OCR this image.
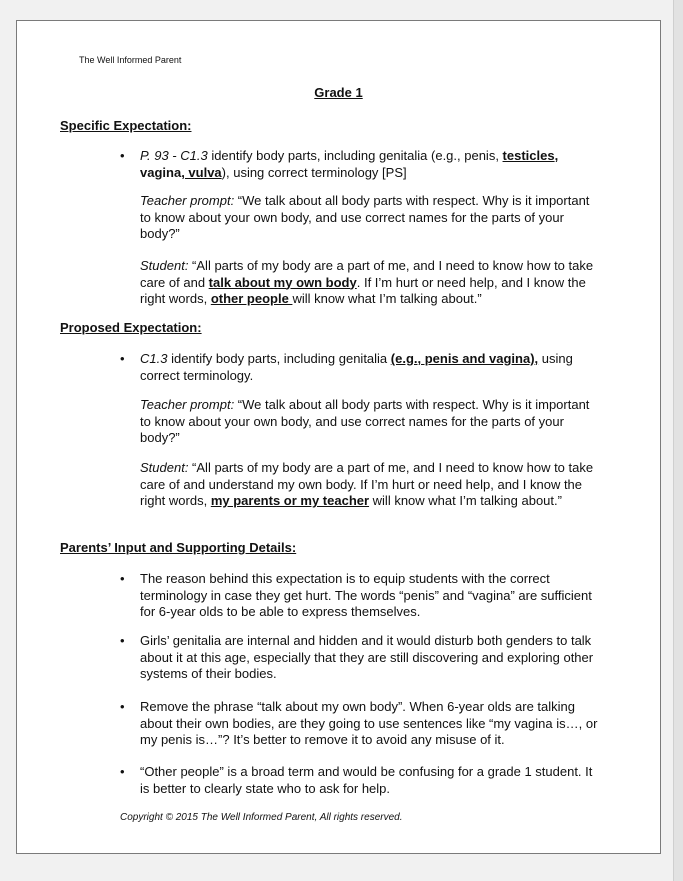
The Well Informed Parent
Grade 1
Specific Expectation:
• P. 93 - C1.3 identify body parts, including genitalia (e.g., penis, testicles, vagina, vulva), using correct terminology [PS]
Teacher prompt: “We talk about all body parts with respect. Why is it important to know about your own body, and use correct names for the parts of your body?”
Student: “All parts of my body are a part of me, and I need to know how to take care of and talk about my own body. If I’m hurt or need help, and I know the right words, other people will know what I’m talking about.”
Proposed Expectation:
• C1.3 identify body parts, including genitalia (e.g., penis and vagina), using correct terminology.
Teacher prompt: “We talk about all body parts with respect. Why is it important to know about your own body, and use correct names for the parts of your body?”
Student: “All parts of my body are a part of me, and I need to know how to take care of and understand my own body. If I’m hurt or need help, and I know the right words, my parents or my teacher will know what I’m talking about.”
Parents’ Input and Supporting Details:
• The reason behind this expectation is to equip students with the correct terminology in case they get hurt. The words “penis” and “vagina” are sufficient for 6-year olds to be able to express themselves.
• Girls’ genitalia are internal and hidden and it would disturb both genders to talk about it at this age, especially that they are still discovering and exploring other systems of their bodies.
• Remove the phrase “talk about my own body”. When 6-year olds are talking about their own bodies, are they going to use sentences like “my vagina is…, or my penis is…”? It’s better to remove it to avoid any misuse of it.
• “Other people” is a broad term and would be confusing for a grade 1 student. It is better to clearly state who to ask for help.
Copyright © 2015 The Well Informed Parent, All rights reserved.
